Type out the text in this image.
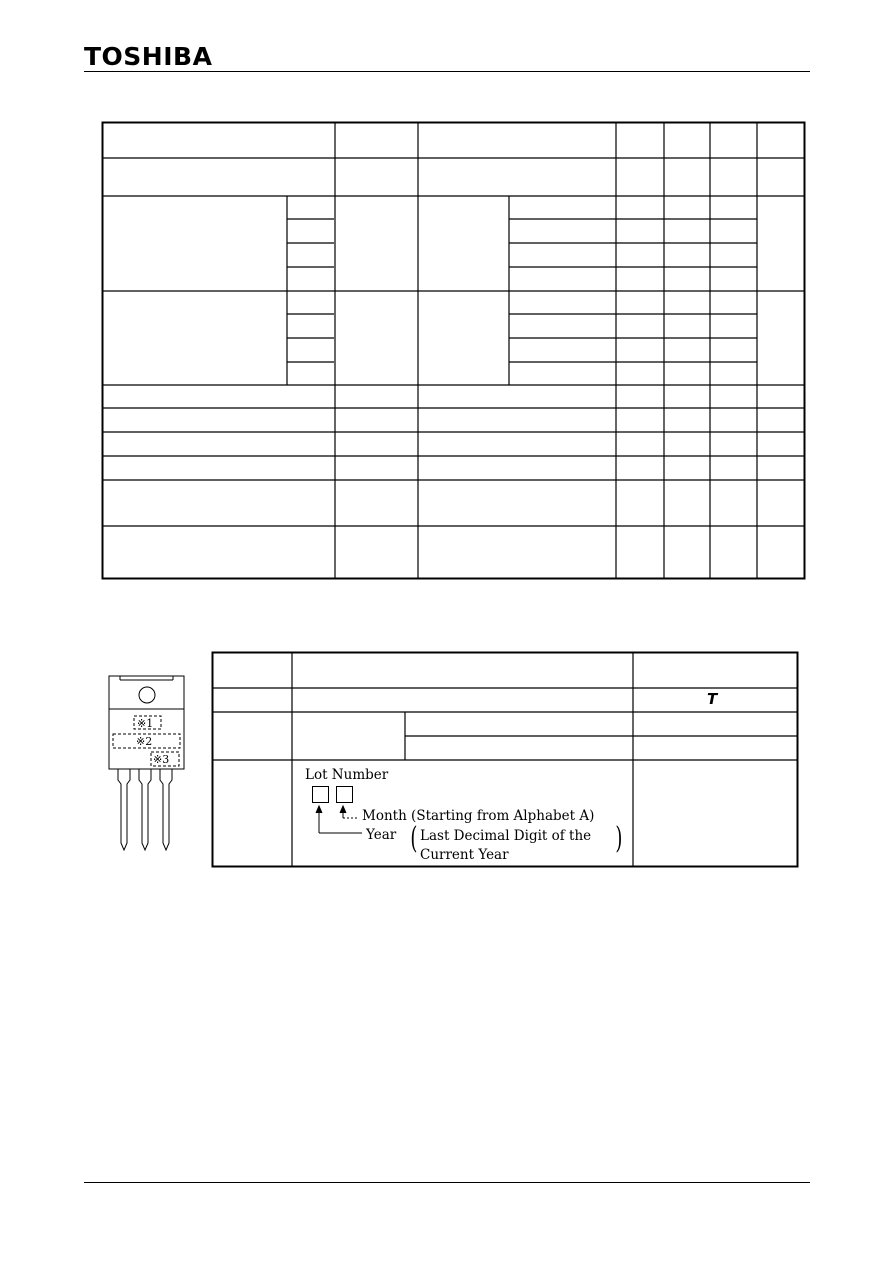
TOSHIBA
T
※1
※2
※3
Lot Number
Month (Starting from Alphabet A)
Year ( Last Decimal Digit of the
Current Year	)
